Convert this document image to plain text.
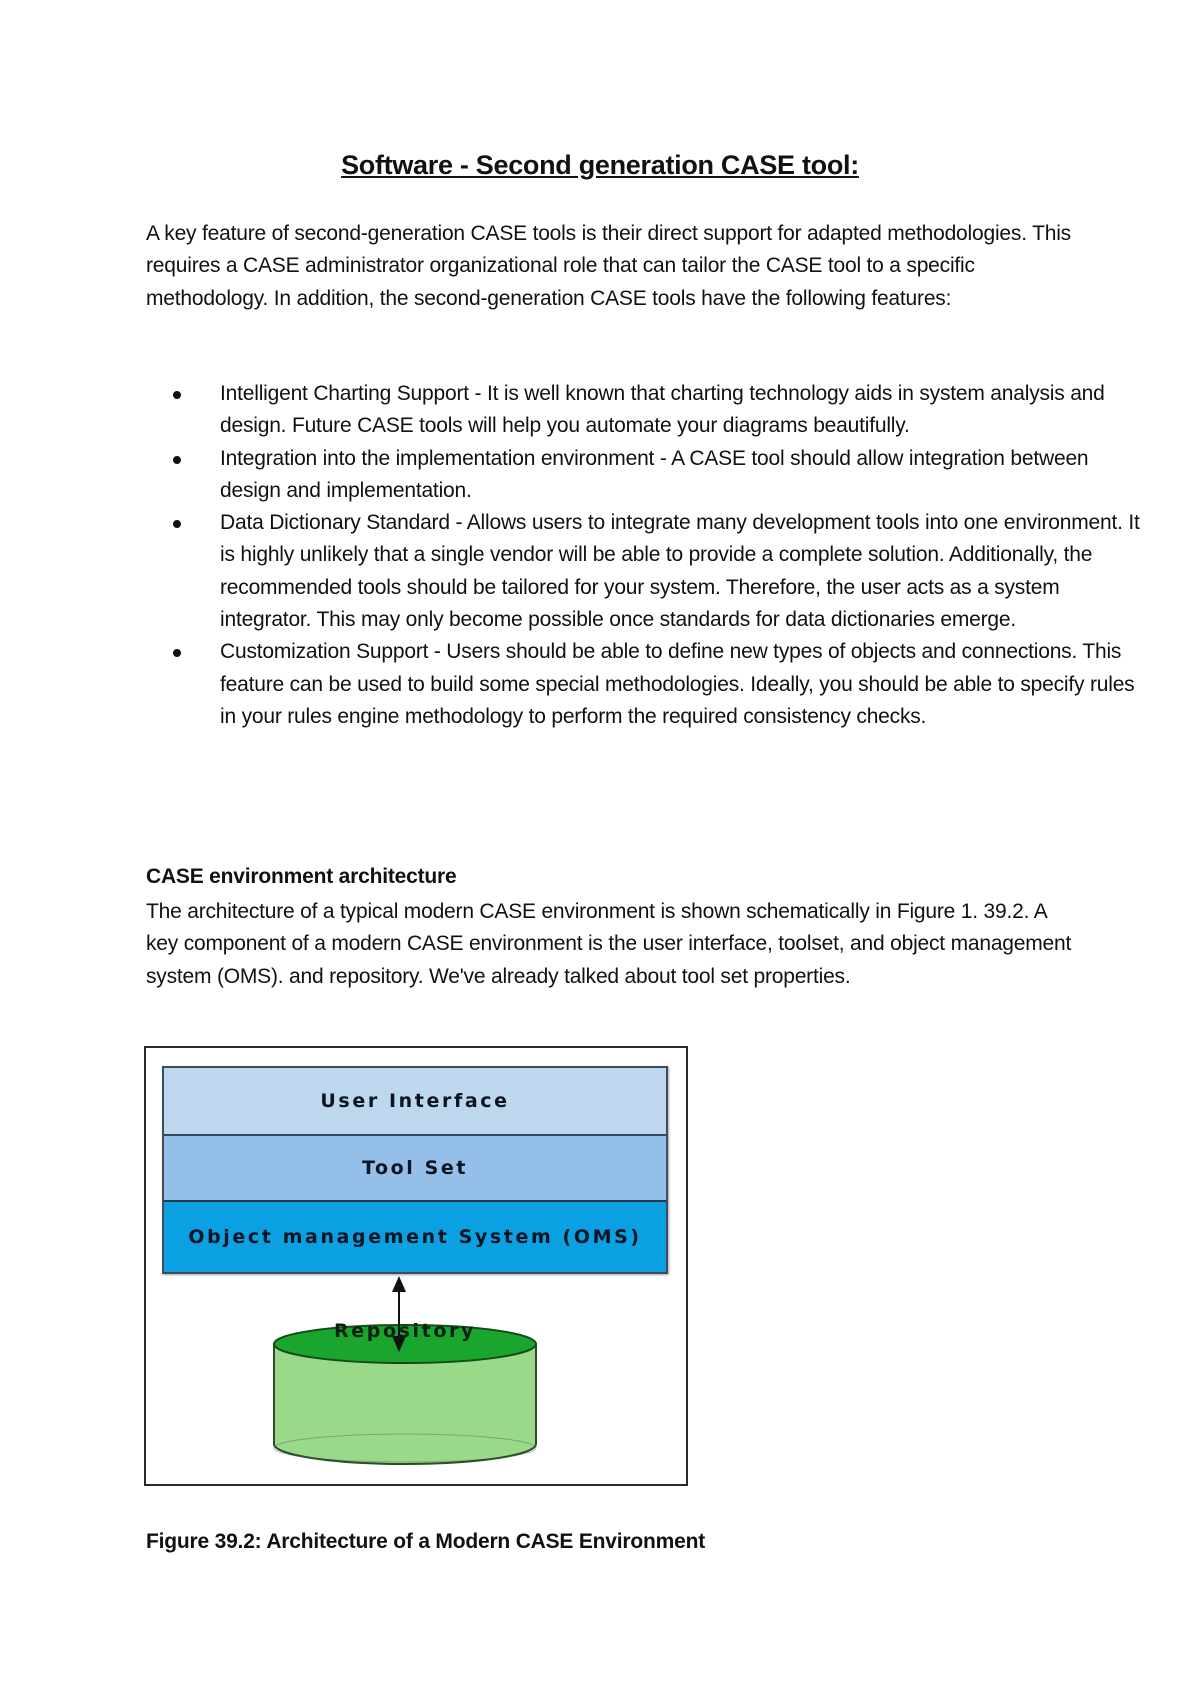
Software - Second generation CASE tool:
A key feature of second-generation CASE tools is their direct support for adapted methodologies. This requires a CASE administrator organizational role that can tailor the CASE tool to a specific methodology. In addition, the second-generation CASE tools have the following features:
Intelligent Charting Support - It is well known that charting technology aids in system analysis and design. Future CASE tools will help you automate your diagrams beautifully.
Integration into the implementation environment - A CASE tool should allow integration between design and implementation.
Data Dictionary Standard - Allows users to integrate many development tools into one environment. It is highly unlikely that a single vendor will be able to provide a complete solution. Additionally, the recommended tools should be tailored for your system. Therefore, the user acts as a system integrator. This may only become possible once standards for data dictionaries emerge.
Customization Support - Users should be able to define new types of objects and connections. This feature can be used to build some special methodologies. Ideally, you should be able to specify rules in your rules engine methodology to perform the required consistency checks.
CASE environment architecture
The architecture of a typical modern CASE environment is shown schematically in Figure 1. 39.2. A key component of a modern CASE environment is the user interface, toolset, and object management system (OMS). and repository. We've already talked about tool set properties.
User Interface
Tool Set
Object management System (OMS)
Repository
Figure 39.2: Architecture of a Modern CASE Environment
